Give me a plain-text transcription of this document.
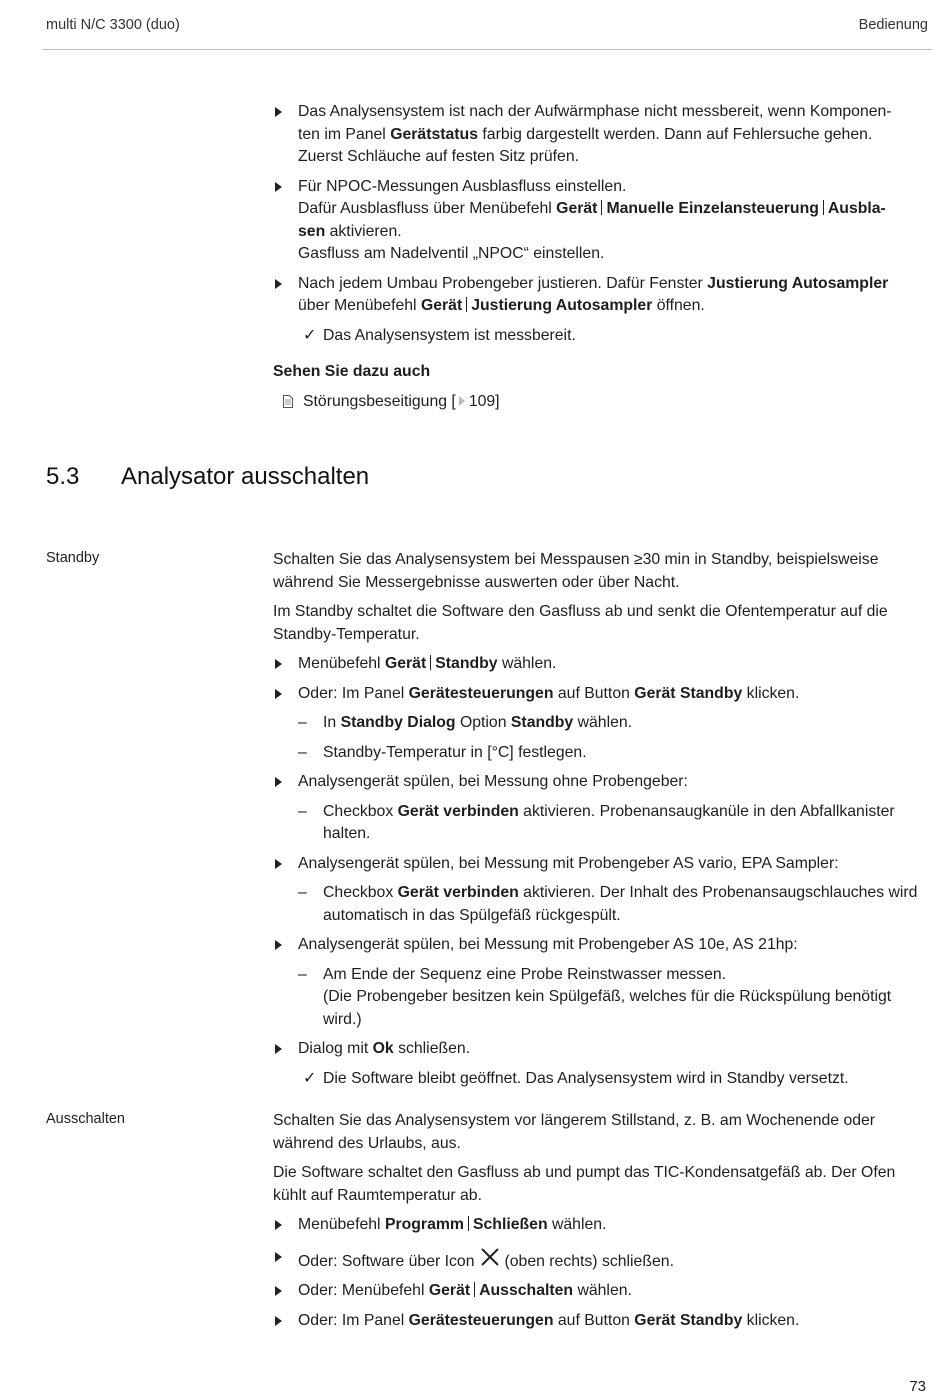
multi N/C 3300 (duo)	Bedienung
Das Analysensystem ist nach der Aufwärmphase nicht messbereit, wenn Komponen-
ten im Panel Gerätstatus farbig dargestellt werden. Dann auf Fehlersuche gehen.
Zuerst Schläuche auf festen Sitz prüfen.
Für NPOC-Messungen Ausblasfluss einstellen.
Dafür Ausblasfluss über Menübefehl Gerät Manuelle Einzelansteuerung Ausbla-
sen aktivieren.
Gasfluss am Nadelventil „NPOC“ einstellen.
Nach jedem Umbau Probengeber justieren. Dafür Fenster Justierung Autosampler
über Menübefehl Gerät Justierung Autosampler öffnen.
✓ Das Analysensystem ist messbereit.
Sehen Sie dazu auch
Störungsbeseitigung [ 109]
5.3 Analysator ausschalten
Standby	Schalten Sie das Analysensystem bei Messpausen ≥30 min in Standby, beispielsweise während Sie Messergebnisse auswerten oder über Nacht.
Im Standby schaltet die Software den Gasfluss ab und senkt die Ofentemperatur auf die Standby-Temperatur.
Menübefehl Gerät Standby wählen.
Oder: Im Panel Gerätesteuerungen auf Button Gerät Standby klicken.
– In Standby Dialog Option Standby wählen.
– Standby-Temperatur in [°C] festlegen.
Analysengerät spülen, bei Messung ohne Probengeber:
– Checkbox Gerät verbinden aktivieren. Probenansaugkanüle in den Abfallkanister halten.
Analysengerät spülen, bei Messung mit Probengeber AS vario, EPA Sampler:
– Checkbox Gerät verbinden aktivieren. Der Inhalt des Probenansaugschlauches wird automatisch in das Spülgefäß rückgespült.
Analysengerät spülen, bei Messung mit Probengeber AS 10e, AS 21hp:
– Am Ende der Sequenz eine Probe Reinstwasser messen.
(Die Probengeber besitzen kein Spülgefäß, welches für die Rückspülung benötigt wird.)
Dialog mit Ok schließen.
✓ Die Software bleibt geöffnet. Das Analysensystem wird in Standby versetzt.
Ausschalten	Schalten Sie das Analysensystem vor längerem Stillstand, z. B. am Wochenende oder während des Urlaubs, aus.
Die Software schaltet den Gasfluss ab und pumpt das TIC-Kondensatgefäß ab. Der Ofen kühlt auf Raumtemperatur ab.
Menübefehl Programm Schließen wählen.
Oder: Software über Icon (oben rechts) schließen.
Oder: Menübefehl Gerät Ausschalten wählen.
Oder: Im Panel Gerätesteuerungen auf Button Gerät Standby klicken.
73
